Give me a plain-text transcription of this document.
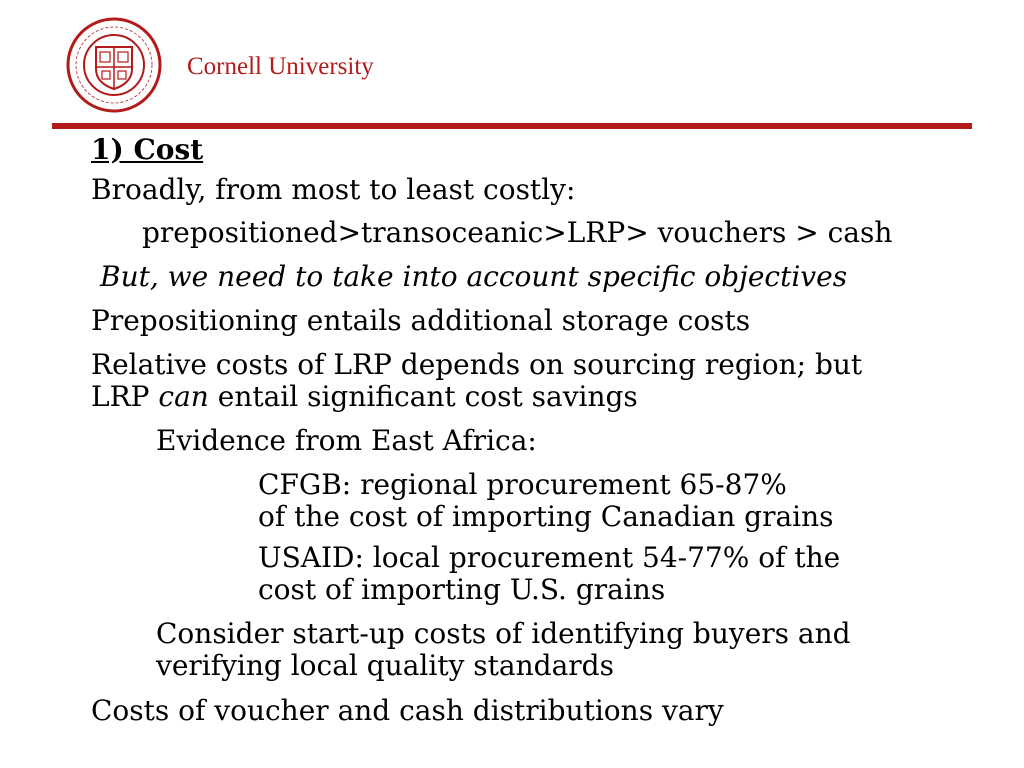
Cornell University
1) Cost
Broadly, from most to least costly:
prepositioned>transoceanic>LRP> vouchers > cash
But, we need to take into account specific objectives
Prepositioning entails additional storage costs
Relative costs of LRP depends on sourcing region; but
LRP can entail significant cost savings
Evidence from East Africa:
CFGB: regional procurement 65-87%
of the cost of importing Canadian grains
USAID: local procurement 54-77% of the
cost of importing U.S. grains
Consider start-up costs of identifying buyers and
verifying local quality standards
Costs of voucher and cash distributions vary
